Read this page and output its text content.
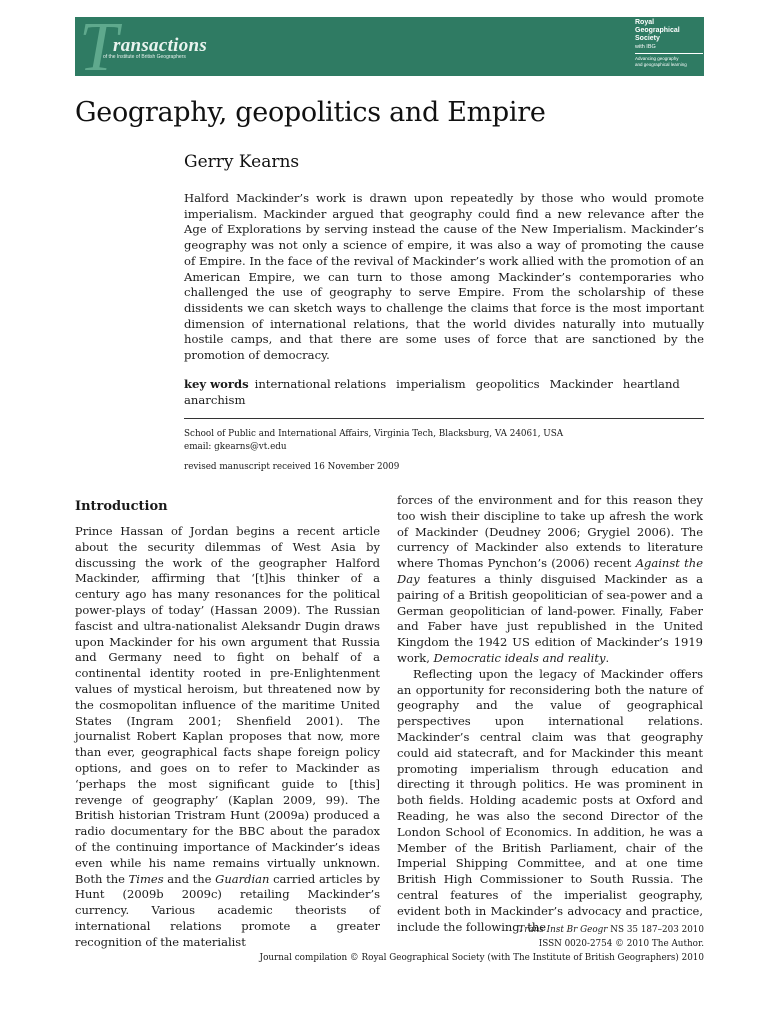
T
ransactions
of the Institute of British Geographers
Royal
Geographical
Society
with IBG
Advancing geography
and geographical learning
Geography, geopolitics and Empire
Gerry Kearns

Halford Mackinder’s work is drawn upon repeatedly by those who would promote imperialism. Mackinder argued that geography could find a new relevance after the Age of Explorations by serving instead the cause of the New Imperialism. Mackinder’s geography was not only a science of empire, it was also a way of promoting the cause of Empire. In the face of the revival of Mackinder’s work allied with the promotion of an American Empire, we can turn to those among Mackinder’s contemporaries who challenged the use of geography to serve Empire. From the scholarship of these dissidents we can sketch ways to challenge the claims that force is the most important dimension of international relations, that the world divides naturally into mutually hostile camps, and that there are some uses of force that are sanctioned by the promotion of democracy.

key words international relations imperialism geopolitics Mackinder heartland anarchism

School of Public and International Affairs, Virginia Tech, Blacksburg, VA 24061, USA
email: gkearns@vt.edu
revised manuscript received 16 November 2009
Introduction

Prince Hassan of Jordan begins a recent article about the security dilemmas of West Asia by discussing the work of the geographer Halford Mackinder, affirming that ‘[t]his thinker of a century ago has many resonances for the political power-plays of today’ (Hassan 2009). The Russian fascist and ultra-nationalist Aleksandr Dugin draws upon Mackinder for his own argument that Russia and Germany need to fight on behalf of a continental identity rooted in pre-Enlightenment values of mystical heroism, but threatened now by the cosmopolitan influence of the maritime United States (Ingram 2001; Shenfield 2001). The journalist Robert Kaplan proposes that now, more than ever, geographical facts shape foreign policy options, and goes on to refer to Mackinder as ‘perhaps the most significant guide to [this] revenge of geography’ (Kaplan 2009, 99). The British historian Tristram Hunt (2009a) produced a radio documentary for the BBC about the paradox of the continuing importance of Mackinder’s ideas even while his name remains virtually unknown. Both the Times and the Guardian carried articles by Hunt (2009b 2009c) retailing Mackinder’s currency. Various academic theorists of international relations promote a greater recognition of the materialist

forces of the environment and for this reason they too wish their discipline to take up afresh the work of Mackinder (Deudney 2006; Grygiel 2006). The currency of Mackinder also extends to literature where Thomas Pynchon’s (2006) recent Against the Day features a thinly disguised Mackinder as a pairing of a British geopolitician of sea-power and a German geopolitician of land-power. Finally, Faber and Faber have just republished in the United Kingdom the 1942 US edition of Mackinder’s 1919 work, Democratic ideals and reality.

Reflecting upon the legacy of Mackinder offers an opportunity for reconsidering both the nature of geography and the value of geographical perspectives upon international relations. Mackinder’s central claim was that geography could aid statecraft, and for Mackinder this meant promoting imperialism through education and directing it through politics. He was prominent in both fields. Holding academic posts at Oxford and Reading, he was also the second Director of the London School of Economics. In addition, he was a Member of the British Parliament, chair of the Imperial Shipping Committee, and at one time British High Commissioner to South Russia. The central features of the imperialist geography, evident both in Mackinder’s advocacy and practice, include the following: the

Trans Inst Br Geogr NS 35 187–203 2010
ISSN 0020-2754 © 2010 The Author.
Journal compilation © Royal Geographical Society (with The Institute of British Geographers) 2010
